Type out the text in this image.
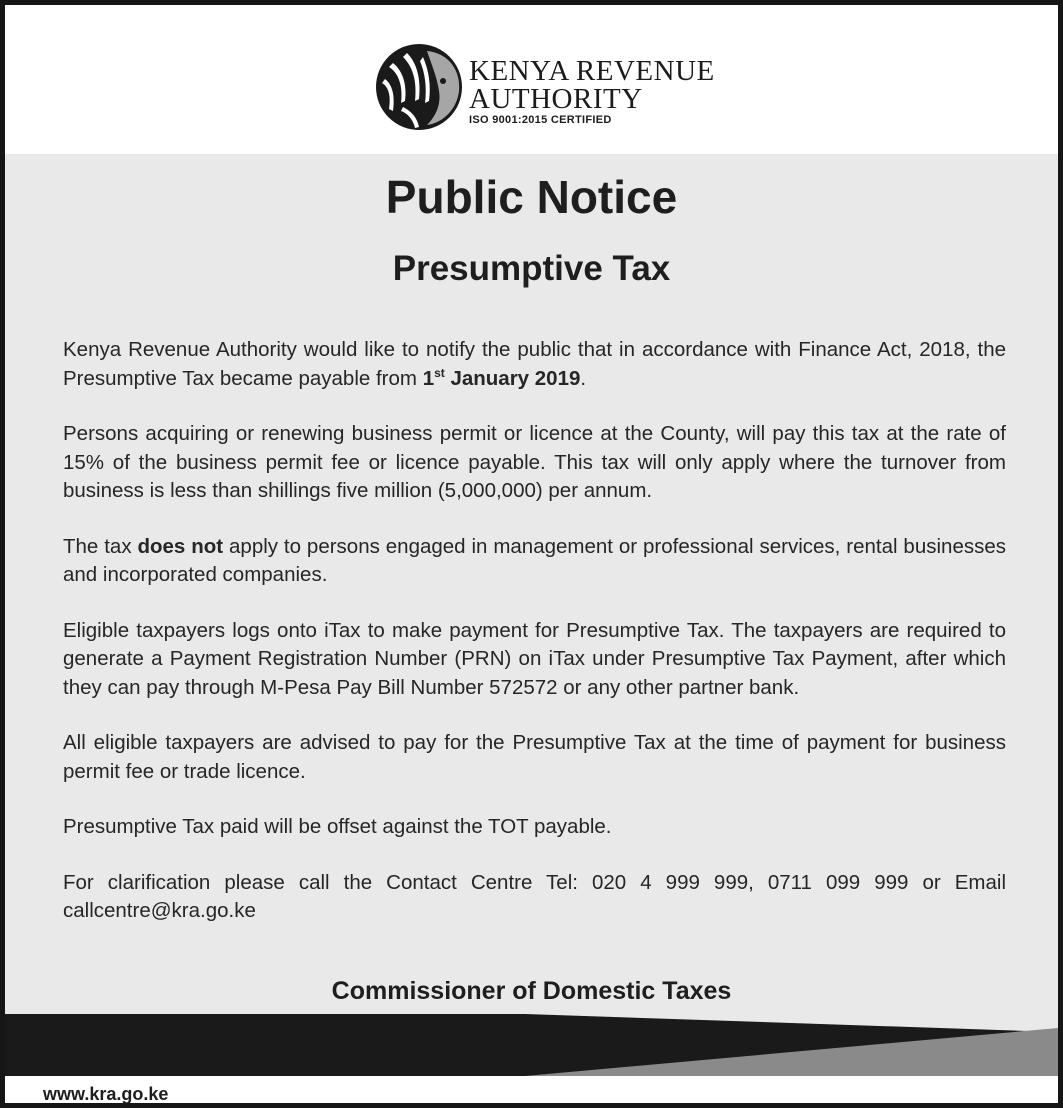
KENYA REVENUE
AUTHORITY
ISO 9001:2015 CERTIFIED
Public Notice
Presumptive Tax

Kenya Revenue Authority would like to notify the public that in accordance with Finance Act, 2018, the Presumptive Tax became payable from 1st January 2019.

Persons acquiring or renewing business permit or licence at the County, will pay this tax at the rate of 15% of the business permit fee or licence payable. This tax will only apply where the turnover from business is less than shillings five million (5,000,000) per annum.

The tax does not apply to persons engaged in management or professional services, rental businesses and incorporated companies.

Eligible taxpayers logs onto iTax to make payment for Presumptive Tax. The taxpayers are required to generate a Payment Registration Number (PRN) on iTax under Presumptive Tax Payment, after which they can pay through M-Pesa Pay Bill Number 572572 or any other partner bank.

All eligible taxpayers are advised to pay for the Presumptive Tax at the time of payment for business permit fee or trade licence.

Presumptive Tax paid will be offset against the TOT payable.

For clarification please call the Contact Centre Tel: 020 4 999 999, 0711 099 999 or Email callcentre@kra.go.ke

Commissioner of Domestic Taxes
www.kra.go.ke
